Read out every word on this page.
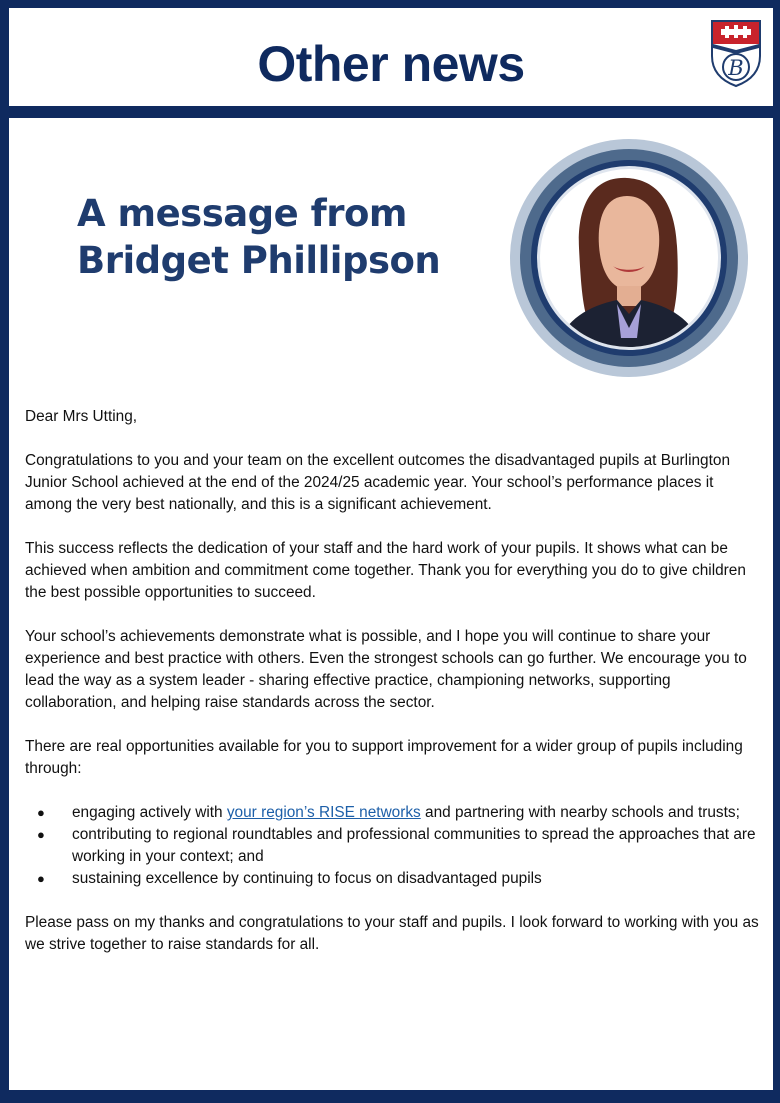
Other news	B
A message from
Bridget Phillipson

Dear Mrs Utting,

Congratulations to you and your team on the excellent outcomes the disadvantaged pupils at Burlington Junior School achieved at the end of the 2024/25 academic year. Your school’s performance places it among the very best nationally, and this is a significant achievement.

This success reflects the dedication of your staff and the hard work of your pupils. It shows what can be achieved when ambition and commitment come together. Thank you for everything you do to give children the best possible opportunities to succeed.

Your school’s achievements demonstrate what is possible, and I hope you will continue to share your experience and best practice with others. Even the strongest schools can go further. We encourage you to lead the way as a system leader - sharing effective practice, championing networks, supporting collaboration, and helping raise standards across the sector.

There are real opportunities available for you to support improvement for a wider group of pupils including through:

● engaging actively with your region’s RISE networks and partnering with nearby schools and trusts;
● contributing to regional roundtables and professional communities to spread the approaches that are working in your context; and
● sustaining excellence by continuing to focus on disadvantaged pupils

Please pass on my thanks and congratulations to your staff and pupils. I look forward to working with you as we strive together to raise standards for all.
